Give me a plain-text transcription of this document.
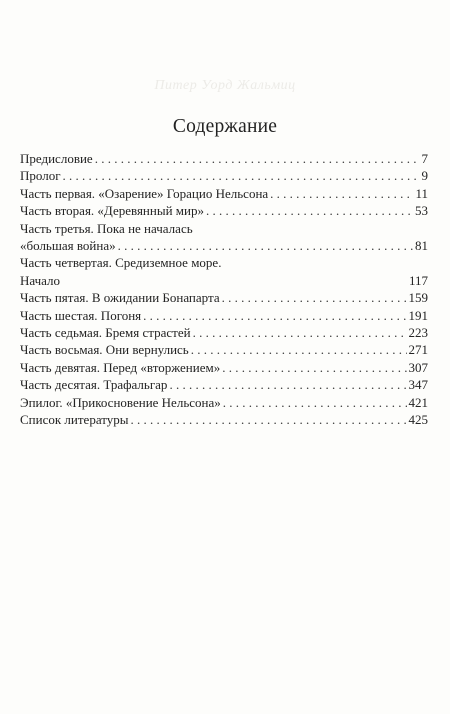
Питер Уорд Жальмиц
Содержание
Предисловие . . .	7
Пролог . . .	9
Часть первая. «Озарение» Горацио Нельсона . . .	11
Часть вторая. «Деревянный мир» . . .	53
Часть третья. Пока не началась
«большая война» . . .	81
Часть четвертая. Средиземное море.
Начало	117
Часть пятая. В ожидании Бонапарта . . .	159
Часть шестая. Погоня . . .	191
Часть седьмая. Бремя страстей . . .	223
Часть восьмая. Они вернулись . . .	271
Часть девятая. Перед «вторжением» . . .	307
Часть десятая. Трафальгар . . .	347
Эпилог. «Прикосновение Нельсона» . . .	421
Список литературы . . .	425
